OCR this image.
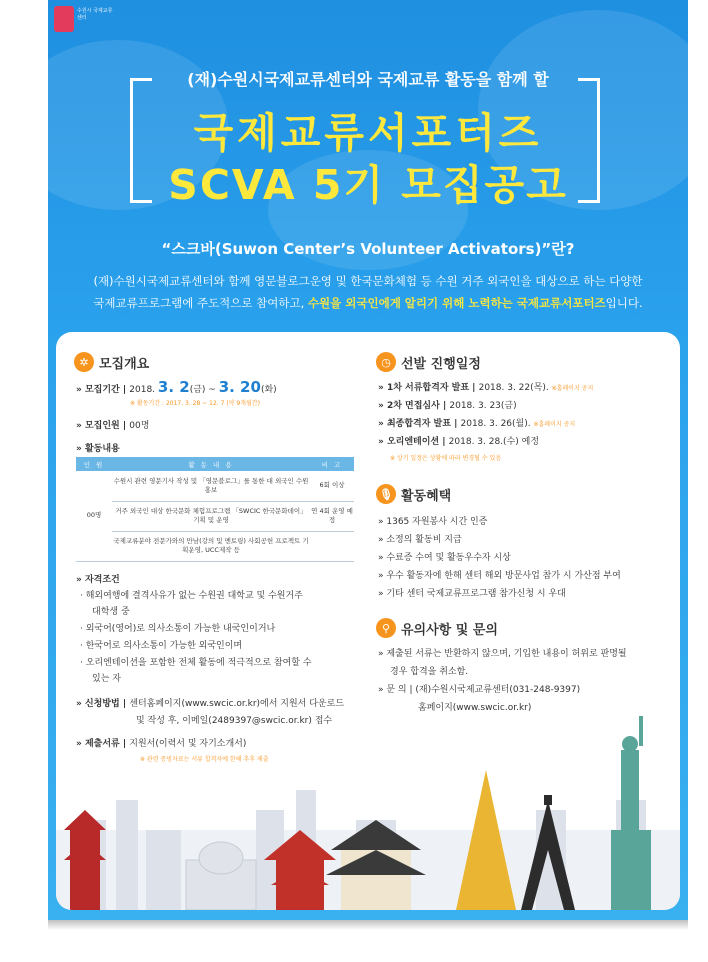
수원시 국제교류센터
(재)수원시국제교류센터와 국제교류 활동을 함께 할
국제교류서포터즈
SCVA 5기 모집공고
“스크바(Suwon Center’s Volunteer Activators)”란?
(재)수원시국제교류센터와 함께 영문블로그운영 및 한국문화체험 등 수원 거주 외국인을 대상으로 하는 다양한
국제교류프로그램에 주도적으로 참여하고, 수원을 외국인에게 알리기 위해 노력하는 국제교류서포터즈입니다.
✲ 모집개요
» 모집기간 | 2018. 3. 2(금) ~ 3. 20(화)
※ 활동기간 : 2017. 3. 28 ~ 12. 7 (약 9개월간)
» 모집인원 | 00명
» 활동내용
인 원	활 동 내 용	비 고
00명	수원시 관련 영문기사 작성 및 「영문블로그」를 통한 대 외국인 수원홍보	6회 이상
	거주 외국인 대상 한국문화 체험프로그램 「SWCIC 한국문화데이」 기획 및 운영	연 4회 운영 예정
	국제교류분야 전문가와의 만남(강의 및 멘토링) 사회공헌 프로젝트 기획운영, UCC제작 등	
» 자격조건
· 해외여행에 결격사유가 없는 수원권 대학교 및 수원거주
대학생 중
· 외국어(영어)로 의사소통이 가능한 내국인이거나
· 한국어로 의사소통이 가능한 외국인이며
· 오리엔테이션을 포함한 전체 활동에 적극적으로 참여할 수
있는 자
» 신청방법 | 센터홈페이지(www.swcic.or.kr)에서 지원서 다운로드
및 작성 후, 이메일(2489397@swcic.or.kr) 접수
» 제출서류 | 지원서(이력서 및 자기소개서)
※ 관련 증빙자료는 서류 합격자에 한해 추후 제출
◷ 선발 진행일정
» 1차 서류합격자 발표 | 2018. 3. 22(목). ※홈페이지 공지
» 2차 면접심사 | 2018. 3. 23(금)
» 최종합격자 발표 | 2018. 3. 26(월). ※홈페이지 공지
» 오리엔테이션 | 2018. 3. 28.(수) 예정
※ 상기 일정은 상황에 따라 변경될 수 있음
🎙 활동혜택
» 1365 자원봉사 시간 인증
» 소정의 활동비 지급
» 수료증 수여 및 활동우수자 시상
» 우수 활동자에 한해 센터 해외 방문사업 참가 시 가산점 부여
» 기타 센터 국제교류프로그램 참가신청 시 우대
⚲ 유의사항 및 문의
» 제출된 서류는 반환하지 않으며, 기입한 내용이 허위로 판명될
경우 합격을 취소함.
» 문 의 | (재)수원시국제교류센터(031-248-9397)
홈페이지(www.swcic.or.kr)
